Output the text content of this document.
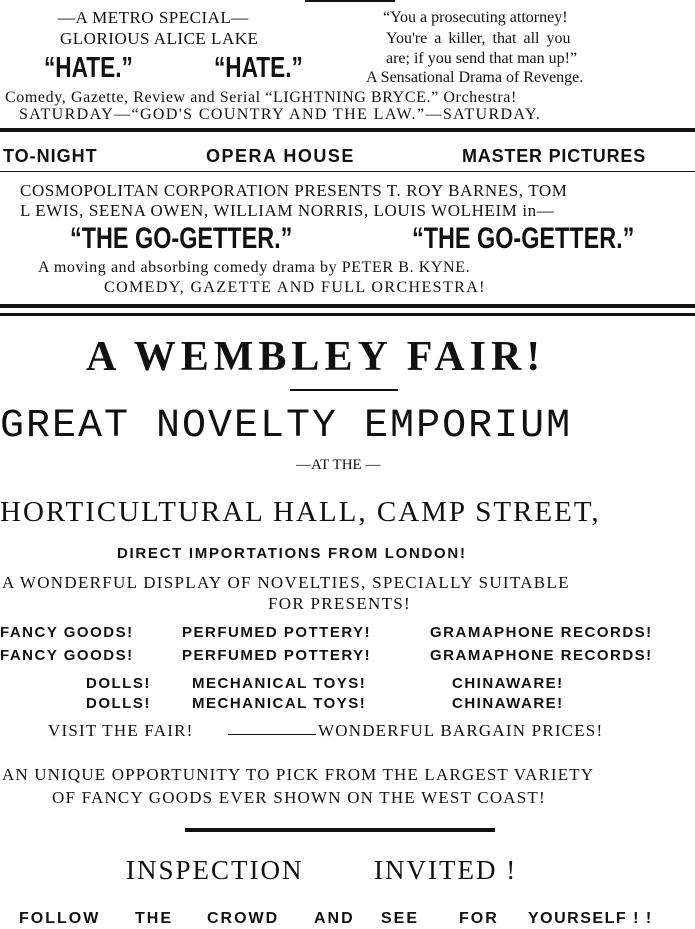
—A METRO SPECIAL—
GLORIOUS ALICE LAKE
“HATE.”	“HATE.”
“You a prosecuting attorney!
You're a killer, that all you
are; if you send that man up!”
A Sensational Drama of Revenge.
Comedy, Gazette, Review and Serial “LIGHTNING BRYCE.” Orchestra!
SATURDAY—“GOD'S COUNTRY AND THE LAW.”—SATURDAY.
TO-NIGHT	OPERA HOUSE	MASTER PICTURES
COSMOPOLITAN CORPORATION PRESENTS T. ROY BARNES, TOM
L EWIS, SEENA OWEN, WILLIAM NORRIS, LOUIS WOLHEIM in—
“THE GO-GETTER.”	“THE GO-GETTER.”
A moving and absorbing comedy drama by PETER B. KYNE.
COMEDY, GAZETTE AND FULL ORCHESTRA!
A WEMBLEY FAIR!
GREAT NOVELTY EMPORIUM
—AT THE —
HORTICULTURAL HALL, CAMP STREET,
DIRECT IMPORTATIONS FROM LONDON!
A WONDERFUL DISPLAY OF NOVELTIES, SPECIALLY SUITABLE
FOR PRESENTS!
FANCY GOODS!	PERFUMED POTTERY!	GRAMAPHONE RECORDS!
FANCY GOODS!	PERFUMED POTTERY!	GRAMAPHONE RECORDS!
DOLLS!	MECHANICAL TOYS!	CHINAWARE!
DOLLS!	MECHANICAL TOYS!	CHINAWARE!
VISIT THE FAIR!	WONDERFUL BARGAIN PRICES!
AN UNIQUE OPPORTUNITY TO PICK FROM THE LARGEST VARIETY
OF FANCY GOODS EVER SHOWN ON THE WEST COAST!
INSPECTION	INVITED !
FOLLOW THE CROWD AND SEE FOR YOURSELF ! !
